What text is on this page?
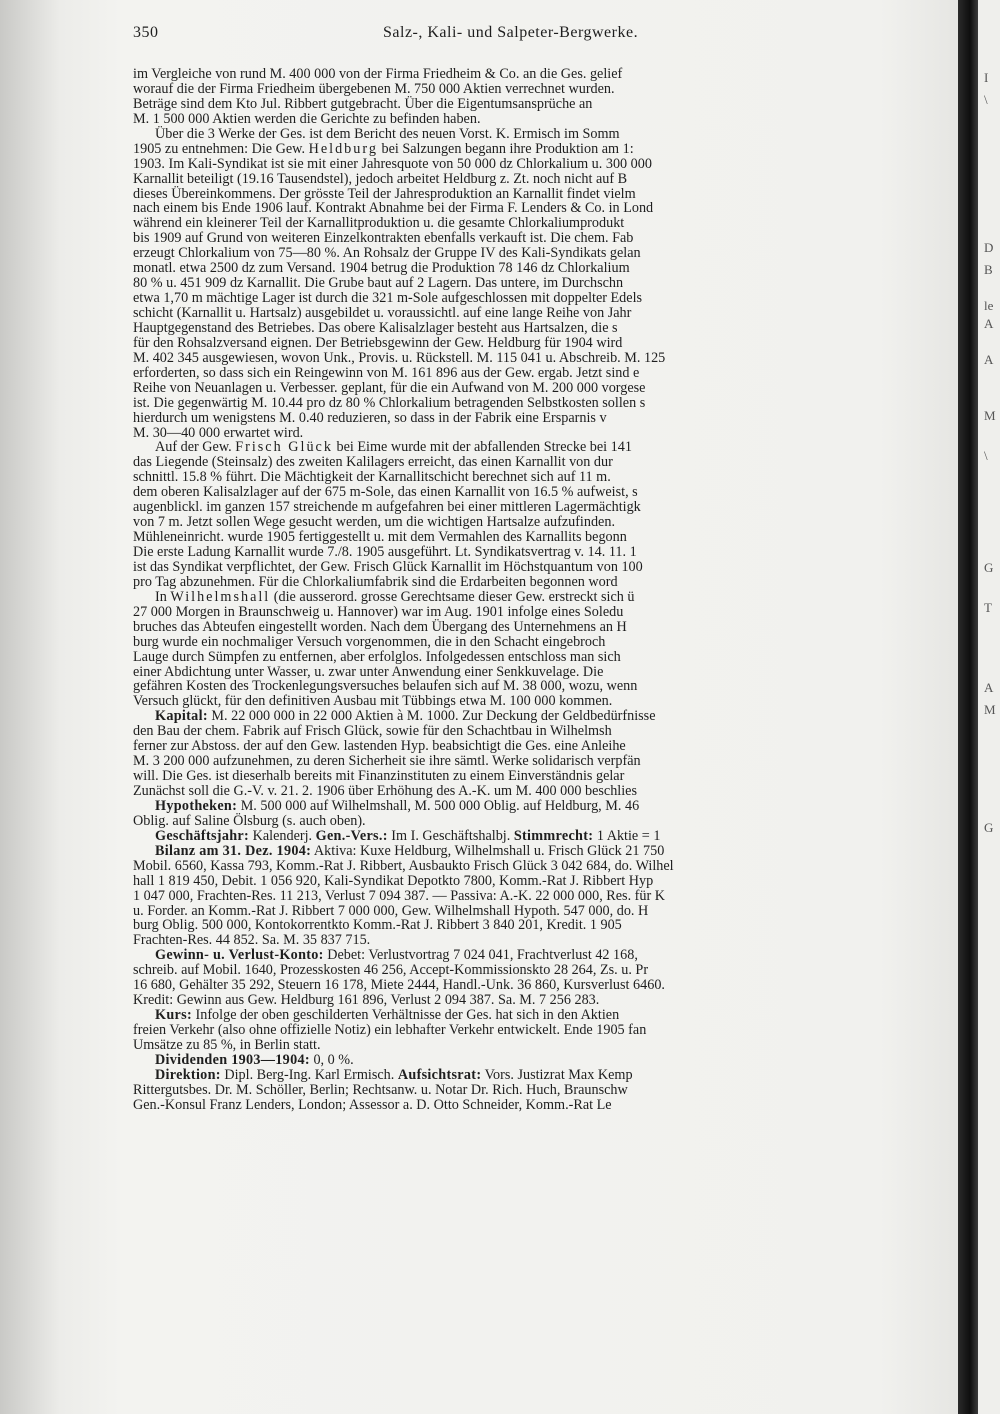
350	Salz-, Kali- und Salpeter-Bergwerke.
im Vergleiche von rund M. 400 000 von der Firma Friedheim & Co. an die Ges. gelief
worauf die der Firma Friedheim übergebenen M. 750 000 Aktien verrechnet wurden.
Beträge sind dem Kto Jul. Ribbert gutgebracht. Über die Eigentumsansprüche an
M. 1 500 000 Aktien werden die Gerichte zu befinden haben.
Über die 3 Werke der Ges. ist dem Bericht des neuen Vorst. K. Ermisch im Somm
1905 zu entnehmen: Die Gew. Heldburg bei Salzungen begann ihre Produktion am 1:
1903. Im Kali-Syndikat ist sie mit einer Jahresquote von 50 000 dz Chlorkalium u. 300 000
Karnallit beteiligt (19.16 Tausendstel), jedoch arbeitet Heldburg z. Zt. noch nicht auf B
dieses Übereinkommens. Der grösste Teil der Jahresproduktion an Karnallit findet vielm
nach einem bis Ende 1906 lauf. Kontrakt Abnahme bei der Firma F. Lenders & Co. in Lond
während ein kleinerer Teil der Karnallitproduktion u. die gesamte Chlorkaliumprodukt
bis 1909 auf Grund von weiteren Einzelkontrakten ebenfalls verkauft ist. Die chem. Fab
erzeugt Chlorkalium von 75—80 %. An Rohsalz der Gruppe IV des Kali-Syndikats gelan
monatl. etwa 2500 dz zum Versand. 1904 betrug die Produktion 78 146 dz Chlorkalium
80 % u. 451 909 dz Karnallit. Die Grube baut auf 2 Lagern. Das untere, im Durchschn
etwa 1,70 m mächtige Lager ist durch die 321 m-Sole aufgeschlossen mit doppelter Edels
schicht (Karnallit u. Hartsalz) ausgebildet u. voraussichtl. auf eine lange Reihe von Jahr
Hauptgegenstand des Betriebes. Das obere Kalisalzlager besteht aus Hartsalzen, die s
für den Rohsalzversand eignen. Der Betriebsgewinn der Gew. Heldburg für 1904 wird
M. 402 345 ausgewiesen, wovon Unk., Provis. u. Rückstell. M. 115 041 u. Abschreib. M. 125
erforderten, so dass sich ein Reingewinn von M. 161 896 aus der Gew. ergab. Jetzt sind e
Reihe von Neuanlagen u. Verbesser. geplant, für die ein Aufwand von M. 200 000 vorgese
ist. Die gegenwärtig M. 10.44 pro dz 80 % Chlorkalium betragenden Selbstkosten sollen s
hierdurch um wenigstens M. 0.40 reduzieren, so dass in der Fabrik eine Ersparnis v
M. 30—40 000 erwartet wird.
Auf der Gew. Frisch Glück bei Eime wurde mit der abfallenden Strecke bei 141
das Liegende (Steinsalz) des zweiten Kalilagers erreicht, das einen Karnallit von dur
schnittl. 15.8 % führt. Die Mächtigkeit der Karnallitschicht berechnet sich auf 11 m.
dem oberen Kalisalzlager auf der 675 m-Sole, das einen Karnallit von 16.5 % aufweist, s
augenblickl. im ganzen 157 streichende m aufgefahren bei einer mittleren Lagermächtigk
von 7 m. Jetzt sollen Wege gesucht werden, um die wichtigen Hartsalze aufzufinden.
Mühleneinricht. wurde 1905 fertiggestellt u. mit dem Vermahlen des Karnallits begonn
Die erste Ladung Karnallit wurde 7./8. 1905 ausgeführt. Lt. Syndikatsvertrag v. 14. 11. 1
ist das Syndikat verpflichtet, der Gew. Frisch Glück Karnallit im Höchstquantum von 100
pro Tag abzunehmen. Für die Chlorkaliumfabrik sind die Erdarbeiten begonnen word
In Wilhelmshall (die ausserord. grosse Gerechtsame dieser Gew. erstreckt sich ü
27 000 Morgen in Braunschweig u. Hannover) war im Aug. 1901 infolge eines Soledu
bruches das Abteufen eingestellt worden. Nach dem Übergang des Unternehmens an H
burg wurde ein nochmaliger Versuch vorgenommen, die in den Schacht eingebroch
Lauge durch Sümpfen zu entfernen, aber erfolglos. Infolgedessen entschloss man sich
einer Abdichtung unter Wasser, u. zwar unter Anwendung einer Senkkuvelage. Die
gefähren Kosten des Trockenlegungsversuches belaufen sich auf M. 38 000, wozu, wenn
Versuch glückt, für den definitiven Ausbau mit Tübbings etwa M. 100 000 kommen.
Kapital: M. 22 000 000 in 22 000 Aktien à M. 1000. Zur Deckung der Geldbedürfnisse
den Bau der chem. Fabrik auf Frisch Glück, sowie für den Schachtbau in Wilhelmsh
ferner zur Abstoss. der auf den Gew. lastenden Hyp. beabsichtigt die Ges. eine Anleihe
M. 3 200 000 aufzunehmen, zu deren Sicherheit sie ihre sämtl. Werke solidarisch verpfän
will. Die Ges. ist dieserhalb bereits mit Finanzinstituten zu einem Einverständnis gelar
Zunächst soll die G.-V. v. 21. 2. 1906 über Erhöhung des A.-K. um M. 400 000 beschlies
Hypotheken: M. 500 000 auf Wilhelmshall, M. 500 000 Oblig. auf Heldburg, M. 46
Oblig. auf Saline Ölsburg (s. auch oben).
Geschäftsjahr: Kalenderj. Gen.-Vers.: Im I. Geschäftshalbj. Stimmrecht: 1 Aktie = 1
Bilanz am 31. Dez. 1904: Aktiva: Kuxe Heldburg, Wilhelmshall u. Frisch Glück 21 750
Mobil. 6560, Kassa 793, Komm.-Rat J. Ribbert, Ausbaukto Frisch Glück 3 042 684, do. Wilhel
hall 1 819 450, Debit. 1 056 920, Kali-Syndikat Depotkto 7800, Komm.-Rat J. Ribbert Hyp
1 047 000, Frachten-Res. 11 213, Verlust 7 094 387. — Passiva: A.-K. 22 000 000, Res. für K
u. Forder. an Komm.-Rat J. Ribbert 7 000 000, Gew. Wilhelmshall Hypoth. 547 000, do. H
burg Oblig. 500 000, Kontokorrentkto Komm.-Rat J. Ribbert 3 840 201, Kredit. 1 905
Frachten-Res. 44 852. Sa. M. 35 837 715.
Gewinn- u. Verlust-Konto: Debet: Verlustvortrag 7 024 041, Frachtverlust 42 168,
schreib. auf Mobil. 1640, Prozesskosten 46 256, Accept-Kommissionskto 28 264, Zs. u. Pr
16 680, Gehälter 35 292, Steuern 16 178, Miete 2444, Handl.-Unk. 36 860, Kursverlust 6460.
Kredit: Gewinn aus Gew. Heldburg 161 896, Verlust 2 094 387. Sa. M. 7 256 283.
Kurs: Infolge der oben geschilderten Verhältnisse der Ges. hat sich in den Aktien
freien Verkehr (also ohne offizielle Notiz) ein lebhafter Verkehr entwickelt. Ende 1905 fan
Umsätze zu 85 %, in Berlin statt.
Dividenden 1903—1904: 0, 0 %.
Direktion: Dipl. Berg-Ing. Karl Ermisch. Aufsichtsrat: Vors. Justizrat Max Kemp
Rittergutsbes. Dr. M. Schöller, Berlin; Rechtsanw. u. Notar Dr. Rich. Huch, Braunschw
Gen.-Konsul Franz Lenders, London; Assessor a. D. Otto Schneider, Komm.-Rat Le
I
\
D
B
le
A
A
M
\
G
T
A
M
G
